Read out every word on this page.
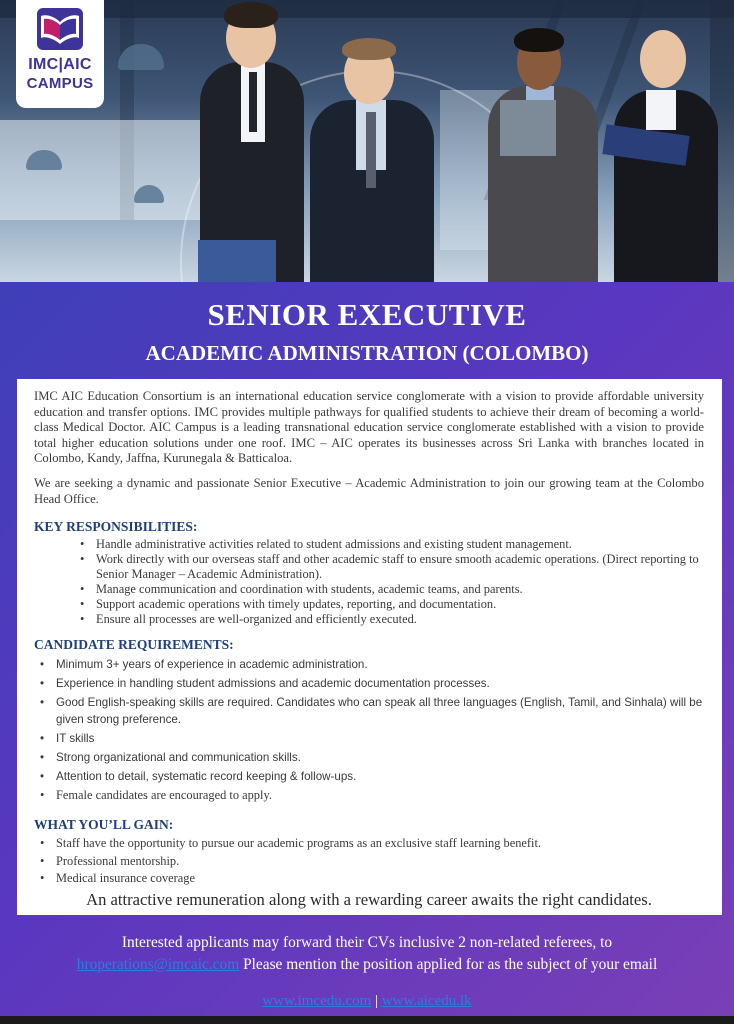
IMC|AIC
CAMPUS
SENIOR EXECUTIVE
ACADEMIC ADMINISTRATION (COLOMBO)

IMC AIC Education Consortium is an international education service conglomerate with a vision to provide affordable university education and transfer options. IMC provides multiple pathways for qualified students to achieve their dream of becoming a world-class Medical Doctor. AIC Campus is a leading transnational education service conglomerate established with a vision to provide total higher education solutions under one roof. IMC – AIC operates its businesses across Sri Lanka with branches located in Colombo, Kandy, Jaffna, Kurunegala & Batticaloa.

We are seeking a dynamic and passionate Senior Executive – Academic Administration to join our growing team at the Colombo Head Office.

KEY RESPONSIBILITIES:
• Handle administrative activities related to student admissions and existing student management.
• Work directly with our overseas staff and other academic staff to ensure smooth academic operations. (Direct reporting to Senior Manager – Academic Administration).
• Manage communication and coordination with students, academic teams, and parents.
• Support academic operations with timely updates, reporting, and documentation.
• Ensure all processes are well-organized and efficiently executed.
CANDIDATE REQUIREMENTS:
• Minimum 3+ years of experience in academic administration.
• Experience in handling student admissions and academic documentation processes.
• Good English-speaking skills are required. Candidates who can speak all three languages (English, Tamil, and Sinhala) will be given strong preference.
• IT skills
• Strong organizational and communication skills.
• Attention to detail, systematic record keeping & follow-ups.
• Female candidates are encouraged to apply.
WHAT YOU’LL GAIN:
• Staff have the opportunity to pursue our academic programs as an exclusive staff learning benefit.
• Professional mentorship.
• Medical insurance coverage
An attractive remuneration along with a rewarding career awaits the right candidates.
Interested applicants may forward their CVs inclusive 2 non-related referees, to
hroperations@imcaic.com Please mention the position applied for as the subject of your email
www.imcedu.com | www.aicedu.lk
